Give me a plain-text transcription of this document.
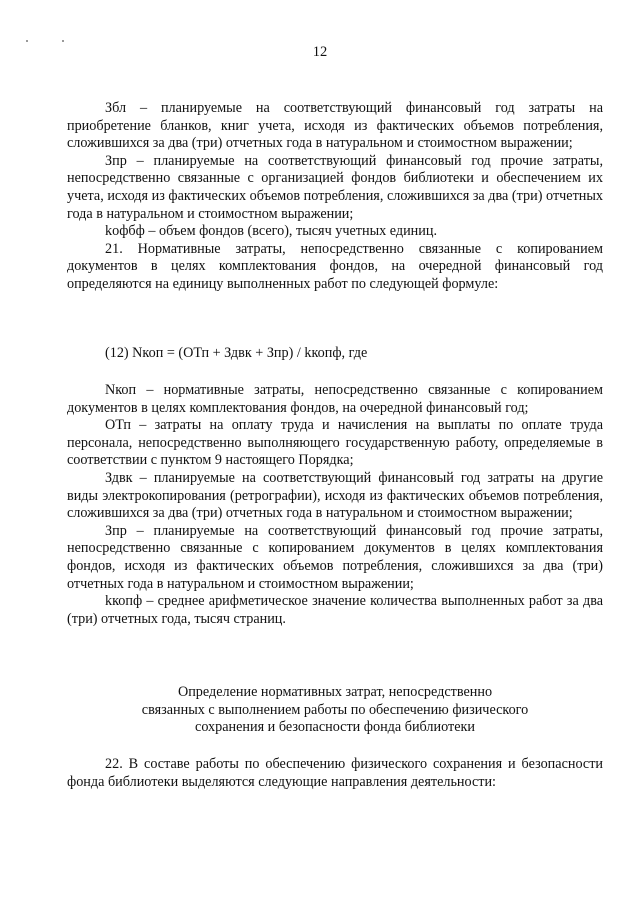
12

Збл – планируемые на соответствующий финансовый год затраты на приобретение бланков, книг учета, исходя из фактических объемов потребления, сложившихся за два (три) отчетных года в натуральном и стоимостном выражении;

Зпр – планируемые на соответствующий финансовый год прочие затраты, непосредственно связанные с организацией фондов библиотеки и обеспечением их учета, исходя из фактических объемов потребления, сложившихся за два (три) отчетных года в натуральном и стоимостном выражении;

kофбф – объем фондов (всего), тысяч учетных единиц.

21. Нормативные затраты, непосредственно связанные с копированием документов в целях комплектования фондов, на очередной финансовый год определяются на единицу выполненных работ по следующей формуле:

(12) Nкоп = (ОТп + Здвк + Зпр) / kкопф, где

Nкоп – нормативные затраты, непосредственно связанные с копированием документов в целях комплектования фондов, на очередной финансовый год;

ОТп – затраты на оплату труда и начисления на выплаты по оплате труда персонала, непосредственно выполняющего государственную работу, определяемые в соответствии с пунктом 9 настоящего Порядка;

Здвк – планируемые на соответствующий финансовый год затраты на другие виды электрокопирования (ретрографии), исходя из фактических объемов потребления, сложившихся за два (три) отчетных года в натуральном и стоимостном выражении;

Зпр – планируемые на соответствующий финансовый год прочие затраты, непосредственно связанные с копированием документов в целях комплектования фондов, исходя из фактических объемов потребления, сложившихся за два (три) отчетных года в натуральном и стоимостном выражении;

kкопф – среднее арифметическое значение количества выполненных работ за два (три) отчетных года, тысяч страниц.

Определение нормативных затрат, непосредственно
связанных с выполнением работы по обеспечению физического
сохранения и безопасности фонда библиотеки

22. В составе работы по обеспечению физического сохранения и безопасности фонда библиотеки выделяются следующие направления деятельности:
